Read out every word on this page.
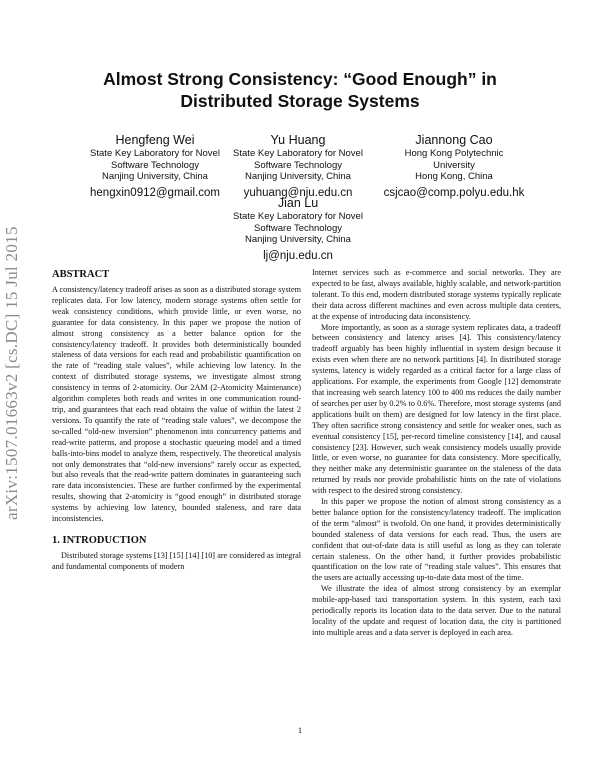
arXiv:1507.01663v2 [cs.DC] 15 Jul 2015
Almost Strong Consistency: “Good Enough” in
Distributed Storage Systems
Hengfeng Wei
State Key Laboratory for Novel
Software Technology
Nanjing University, China
hengxin0912@gmail.com
Yu Huang
State Key Laboratory for Novel
Software Technology
Nanjing University, China
yuhuang@nju.edu.cn
Jiannong Cao
Hong Kong Polytechnic
University
Hong Kong, China
csjcao@comp.polyu.edu.hk
Jian Lu
State Key Laboratory for Novel
Software Technology
Nanjing University, China
lj@nju.edu.cn
ABSTRACT

A consistency/latency tradeoff arises as soon as a distributed storage system replicates data. For low latency, modern storage systems often settle for weak consistency conditions, which provide little, or even worse, no guarantee for data consistency. In this paper we propose the notion of almost strong consistency as a better balance option for the consistency/latency tradeoff. It provides both deterministically bounded staleness of data versions for each read and probabilistic quantification on the rate of “reading stale values”, while achieving low latency. In the context of distributed storage systems, we investigate almost strong consistency in terms of 2-atomicity. Our 2AM (2-Atomicity Maintenance) algorithm completes both reads and writes in one communication round-trip, and guarantees that each read obtains the value of within the latest 2 versions. To quantify the rate of “reading stale values”, we decompose the so-called “old-new inversion” phenomenon into concurrency patterns and read-write patterns, and propose a stochastic queueing model and a timed balls-into-bins model to analyze them, respectively. The theoretical analysis not only demonstrates that “old-new inversions” rarely occur as expected, but also reveals that the read-write pattern dominates in guaranteeing such rare data inconsistencies. These are further confirmed by the experimental results, showing that 2-atomicity is “good enough” in distributed storage systems by achieving low latency, bounded staleness, and rare data inconsistencies.

1. INTRODUCTION

Distributed storage systems [13] [15] [14] [10] are considered as integral and fundamental components of modern

Internet services such as e-commerce and social networks. They are expected to be fast, always available, highly scalable, and network-partition tolerant. To this end, modern distributed storage systems typically replicate their data across different machines and even across multiple data centers, at the expense of introducing data inconsistency.

More importantly, as soon as a storage system replicates data, a tradeoff between consistency and latency arises [4]. This consistency/latency tradeoff arguably has been highly influential in system design because it exists even when there are no network partitions [4]. In distributed storage systems, latency is widely regarded as a critical factor for a large class of applications. For example, the experiments from Google [12] demonstrate that increasing web search latency 100 to 400 ms reduces the daily number of searches per user by 0.2% to 0.6%. Therefore, most storage systems (and applications built on them) are designed for low latency in the first place. They often sacrifice strong consistency and settle for weaker ones, such as eventual consistency [15], per-record timeline consistency [14], and causal consistency [23]. However, such weak consistency models usually provide little, or even worse, no guarantee for data consistency. More specifically, they neither make any deterministic guarantee on the staleness of the data returned by reads nor provide probabilistic hints on the rate of violations with respect to the desired strong consistency.

In this paper we propose the notion of almost strong consistency as a better balance option for the consistency/latency tradeoff. The implication of the term “almost” is twofold. On one hand, it provides deterministically bounded staleness of data versions for each read. Thus, the users are confident that out-of-date data is still useful as long as they can tolerate certain staleness. On the other hand, it further provides probabilistic quantification on the low rate of “reading stale values”. This ensures that the users are actually accessing up-to-date data most of the time.

We illustrate the idea of almost strong consistency by an exemplar mobile-app-based taxi transportation system. In this system, each taxi periodically reports its location data to the data server. Due to the natural locality of the update and request of location data, the city is partitioned into multiple areas and a data server is deployed in each area.

1
